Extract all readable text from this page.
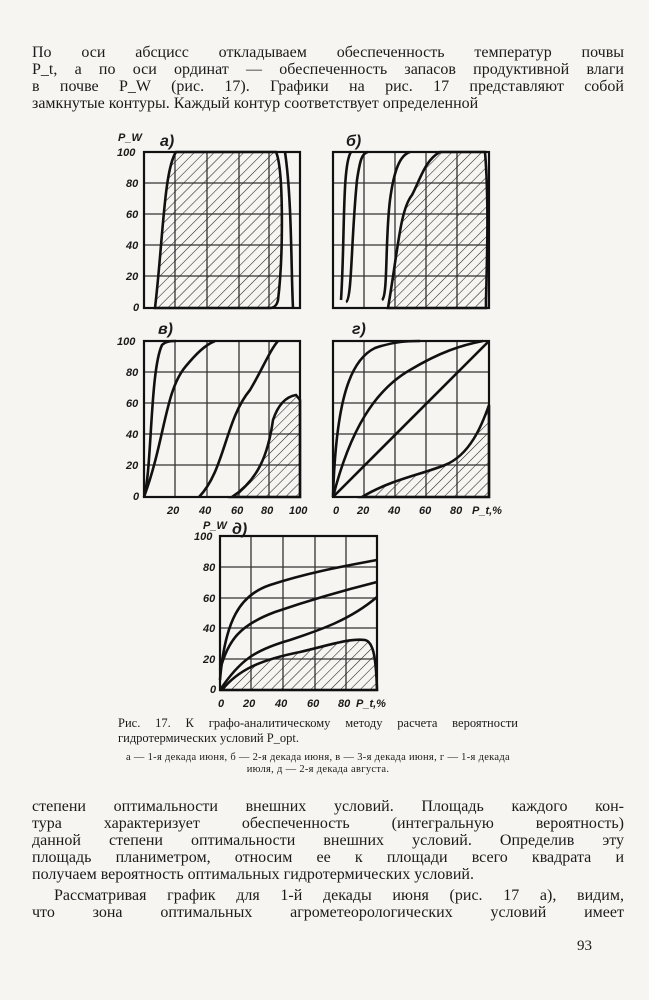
По оси абсцисс откладываем обеспеченность температур почвы
P_t, а по оси ординат — обеспеченность запасов продуктивной влаги
в почве P_W (рис. 17). Графики на рис. 17 представляют собой
замкнутые контуры. Каждый контур соответствует определенной
P_W а)
100
80
60
40
20
0
б)
в)
100
80
60
40
20
0
20 40 60 80 100
г)
0 20 40 60 80 P_t,%
P_W д)
100
80
60
40
20
0
0 20 40 60 80 P_t,%
Рис. 17. К графо-аналитическому методу расчета вероятности гидротермических условий P_opt.
а — 1-я декада июня, б — 2-я декада июня, в — 3-я декада июня, г — 1-я декада июля, д — 2-я декада августа.
степени оптимальности внешних условий. Площадь каждого кон-
тура характеризует обеспеченность (интегральную вероятность)
данной степени оптимальности внешних условий. Определив эту
площадь планиметром, относим ее к площади всего квадрата и
получаем вероятность оптимальных гидротермических условий.
Рассматривая график для 1-й декады июня (рис. 17 а), видим,
что зона оптимальных агрометеорологических условий имеет
93
